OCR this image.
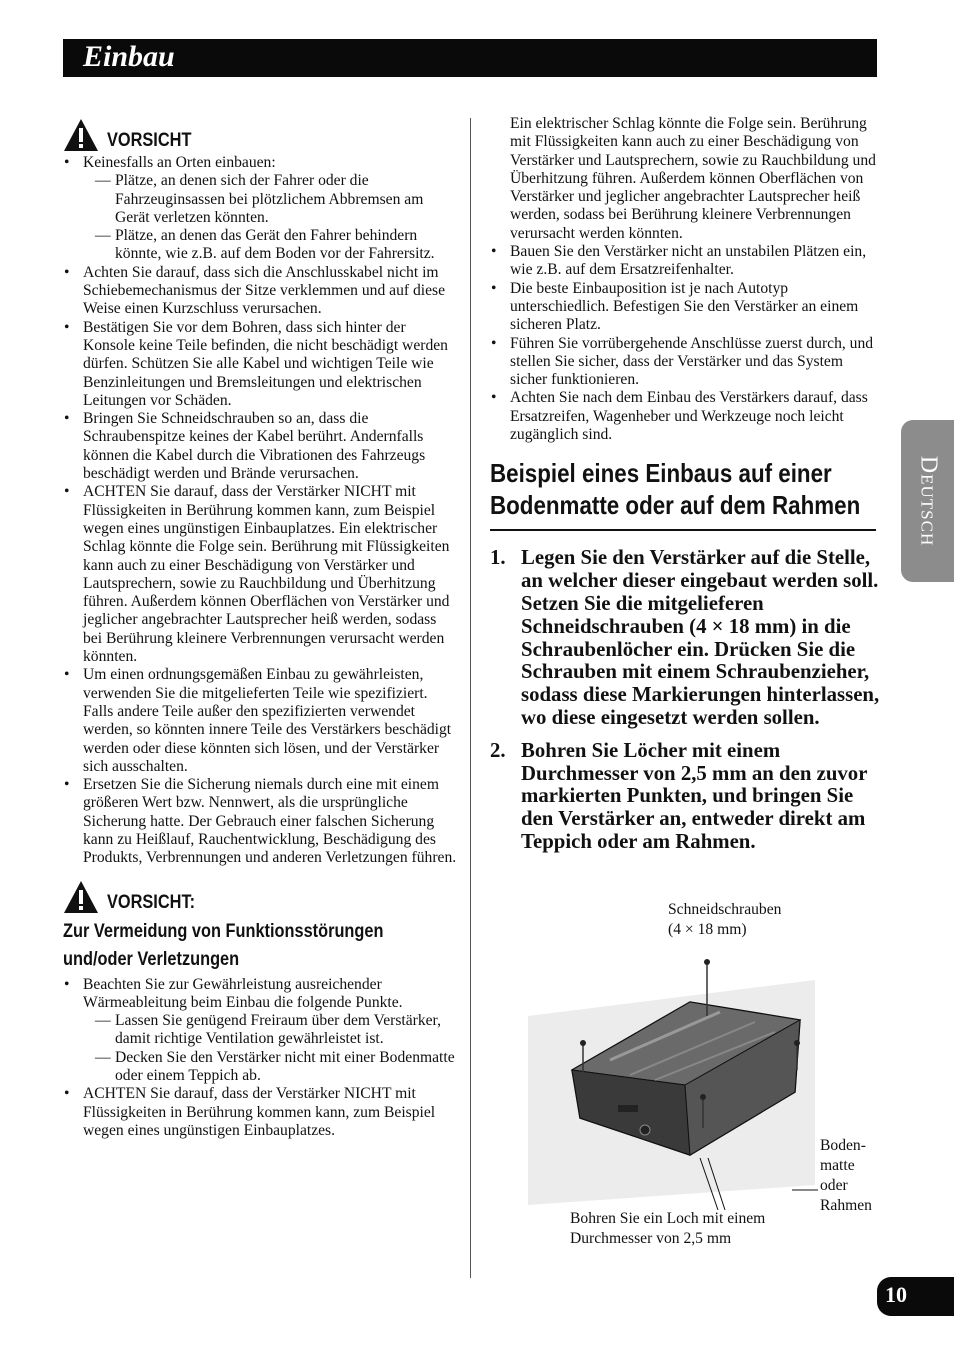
Einbau
VORSICHT
• Keinesfalls an Orten einbauen:
— Plätze, an denen sich der Fahrer oder die Fahrzeuginsassen bei plötzlichem Abbremsen am Gerät verletzen könnten.
— Plätze, an denen das Gerät den Fahrer behindern könnte, wie z.B. auf dem Boden vor der Fahrersitz.
• Achten Sie darauf, dass sich die Anschlusskabel nicht im Schiebemechanismus der Sitze verklemmen und auf diese Weise einen Kurzschluss verursachen.
• Bestätigen Sie vor dem Bohren, dass sich hinter der Konsole keine Teile befinden, die nicht beschädigt werden dürfen. Schützen Sie alle Kabel und wichtigen Teile wie Benzinleitungen und Bremsleitungen und elektrischen Leitungen vor Schäden.
• Bringen Sie Schneidschrauben so an, dass die Schraubenspitze keines der Kabel berührt. Andernfalls können die Kabel durch die Vibrationen des Fahrzeugs beschädigt werden und Brände verursachen.
• ACHTEN Sie darauf, dass der Verstärker NICHT mit Flüssigkeiten in Berührung kommen kann, zum Beispiel wegen eines ungünstigen Einbauplatzes. Ein elektrischer Schlag könnte die Folge sein. Berührung mit Flüssigkeiten kann auch zu einer Beschädigung von Verstärker und Lautsprechern, sowie zu Rauchbildung und Überhitzung führen. Außerdem können Oberflächen von Verstärker und jeglicher angebrachter Lautsprecher heiß werden, sodass bei Berührung kleinere Verbrennungen verursacht werden könnten.
• Um einen ordnungsgemäßen Einbau zu gewährleisten, verwenden Sie die mitgelieferten Teile wie spezifiziert. Falls andere Teile außer den spezifizierten verwendet werden, so könnten innere Teile des Verstärkers beschädigt werden oder diese könnten sich lösen, und der Verstärker sich ausschalten.
• Ersetzen Sie die Sicherung niemals durch eine mit einem größeren Wert bzw. Nennwert, als die ursprüngliche Sicherung hatte. Der Gebrauch einer falschen Sicherung kann zu Heißlauf, Rauchentwicklung, Beschädigung des Produkts, Verbrennungen und anderen Verletzungen führen.
VORSICHT:
Zur Vermeidung von Funktionsstörungen
und/oder Verletzungen
• Beachten Sie zur Gewährleistung ausreichender Wärmeableitung beim Einbau die folgende Punkte.
— Lassen Sie genügend Freiraum über dem Verstärker, damit richtige Ventilation gewährleistet ist.
— Decken Sie den Verstärker nicht mit einer Bodenmatte oder einem Teppich ab.
• ACHTEN Sie darauf, dass der Verstärker NICHT mit Flüssigkeiten in Berührung kommen kann, zum Beispiel wegen eines ungünstigen Einbauplatzes.
Ein elektrischer Schlag könnte die Folge sein. Berührung mit Flüssigkeiten kann auch zu einer Beschädigung von Verstärker und Lautsprechern, sowie zu Rauchbildung und Überhitzung führen. Außerdem können Oberflächen von Verstärker und jeglicher angebrachter Lautsprecher heiß werden, sodass bei Berührung kleinere Verbrennungen verursacht werden könnten.
• Bauen Sie den Verstärker nicht an unstabilen Plätzen ein, wie z.B. auf dem Ersatzreifenhalter.
• Die beste Einbauposition ist je nach Autotyp unterschiedlich. Befestigen Sie den Verstärker an einem sicheren Platz.
• Führen Sie vorrübergehende Anschlüsse zuerst durch, und stellen Sie sicher, dass der Verstärker und das System sicher funktionieren.
• Achten Sie nach dem Einbau des Verstärkers darauf, dass Ersatzreifen, Wagenheber und Werkzeuge noch leicht zugänglich sind.
Beispiel eines Einbaus auf einer
Bodenmatte oder auf dem Rahmen
1. Legen Sie den Verstärker auf die Stelle, an welcher dieser eingebaut werden soll. Setzen Sie die mitgelieferen Schneidschrauben (4 × 18 mm) in die Schraubenlöcher ein. Drücken Sie die Schrauben mit einem Schraubenzieher, sodass diese Markierungen hinterlassen, wo diese eingesetzt werden sollen.
2. Bohren Sie Löcher mit einem Durchmesser von 2,5 mm an den zuvor markierten Punkten, und bringen Sie den Verstärker an, entweder direkt am Teppich oder am Rahmen.
Schneidschrauben
(4 × 18 mm)
Boden-
matte
oder
Rahmen
Bohren Sie ein Loch mit einem
Durchmesser von 2,5 mm
Deutsch
10
